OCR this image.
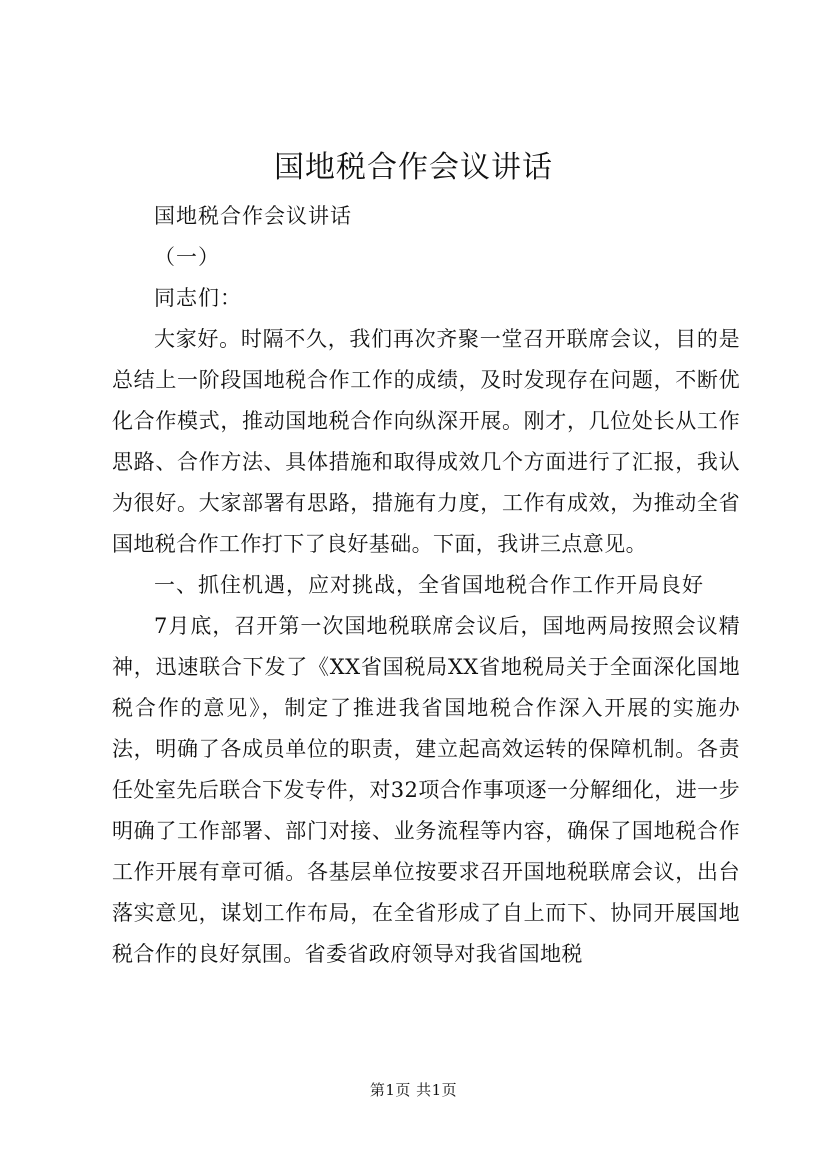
国地税合作会议讲话

国地税合作会议讲话

（一）

同志们：

大家好。时隔不久，我们再次齐聚一堂召开联席会议，目的是总结上一阶段国地税合作工作的成绩，及时发现存在问题，不断优化合作模式，推动国地税合作向纵深开展。刚才，几位处长从工作思路、合作方法、具体措施和取得成效几个方面进行了汇报，我认为很好。大家部署有思路，措施有力度，工作有成效，为推动全省国地税合作工作打下了良好基础。下面，我讲三点意见。

一、抓住机遇，应对挑战，全省国地税合作工作开局良好

7月底，召开第一次国地税联席会议后，国地两局按照会议精神，迅速联合下发了《XX省国税局XX省地税局关于全面深化国地税合作的意见》，制定了推进我省国地税合作深入开展的实施办法，明确了各成员单位的职责，建立起高效运转的保障机制。各责任处室先后联合下发专件，对32项合作事项逐一分解细化，进一步明确了工作部署、部门对接、业务流程等内容，确保了国地税合作工作开展有章可循。各基层单位按要求召开国地税联席会议，出台落实意见，谋划工作布局，在全省形成了自上而下、协同开展国地税合作的良好氛围。省委省政府领导对我省国地税

第1页 共1页
